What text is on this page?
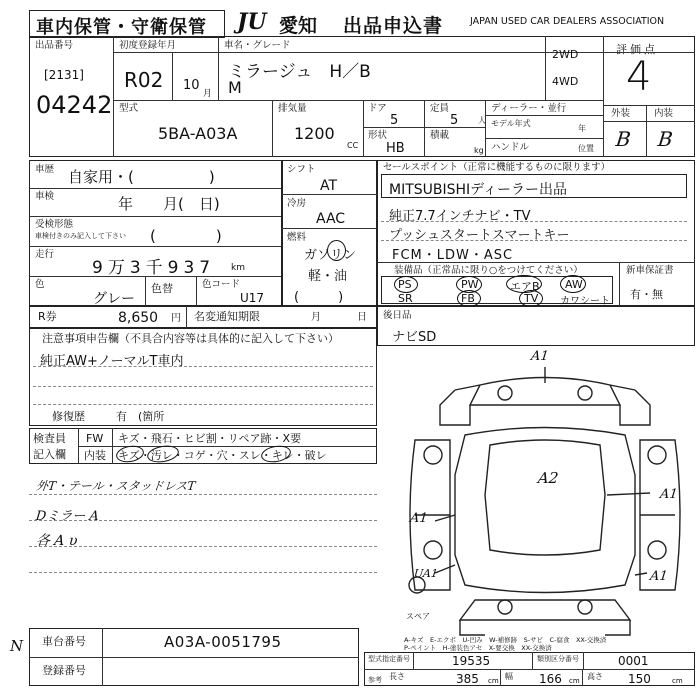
車内保管・守衛保管 JU 愛知 出品申込書	JAPAN USED CAR DEALERS ASSOCIATION
出品番号
[2131]
04242
初度登録年月
R02 10
月
車名・グレード
ミラージュ　H／B
M
2WD
4WD
評価点
4
外装	内装
B B
型式
5BA-A03A
排気量
1200
CC
ドア
5
定員
5 人
形状
HB
積載
kg
ディーラー・並行
モデル年式
年
ハンドル	位置
車歴 自家用・(　　　　　)
車検	年　　月(　日)
受検形態
車検付きのみ記入して下さい (　　　　)
走行
9万3千937 km
色
グレー
色替	色コード
U17
シフト
AT
冷房
AAC
燃料
ガソリン
軽・油
(　　　)
セールスポイント（正常に機能するものに限ります）
MITSUBISHIディーラー出品
純正7.7インチナビ・TV
プッシュスタートスマートキー
FCM・LDW・ASC
装備品（正常品に限り○をつけてください）	新車保証書
有・無
PS	PW	エアB AW
SR	FB	TV カワシート
R券	8,650 円 名変通知期限	月	日 後日品
ナビSD
注意事項申告欄（不具合内容等は具体的に記入して下さい）
純正AW+ノーマルT車内
修復歴	有　(箇所
検査員
記入欄
FW キズ・飛石・ヒビ割・リペア跡・X要
内装 キズ・汚レ・コゲ・穴・スレ・キレ・破レ
外T・テール・スタッドレスT
Dミラー A
各 A υ
A1
A2
A1
A1
UA1	A1
スペア
A-キズ　E-エクボ　U-凹み　W-補修跡　S-サビ　C-腐食　XX-交換済
P-ペイント　H-塗装色アセ　X-要交換　XX-交換済
N 車台番号	A03A-0051795
登録番号
型式指定番号	19535	類別区分番号	0001
参考 長さ	385 cm 幅 166 cm 高さ 150	cm
